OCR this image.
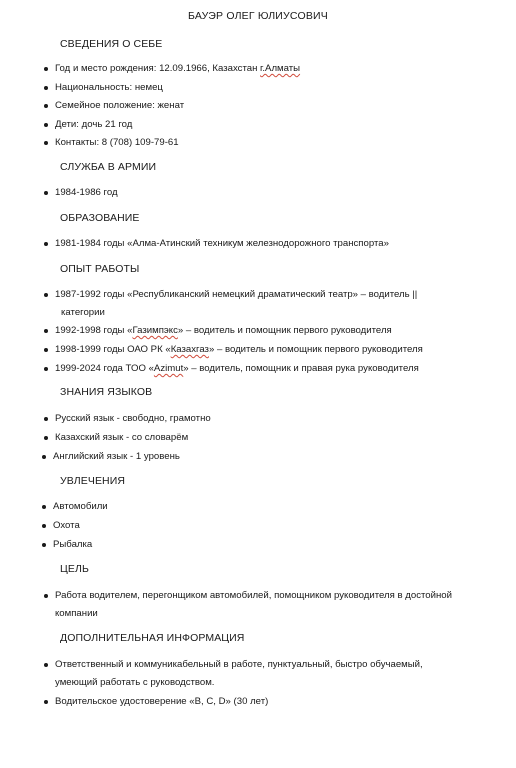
БАУЭР ОЛЕГ ЮЛИУСОВИЧ
СВЕДЕНИЯ О СЕБЕ
Год и место рождения: 12.09.1966, Казахстан г.Алматы
Национальность: немец
Семейное положение: женат
Дети: дочь 21 год
Контакты: 8 (708) 109-79-61
СЛУЖБА В АРМИИ
1984-1986 год
ОБРАЗОВАНИЕ
1981-1984 годы «Алма-Атинский техникум железнодорожного транспорта»
ОПЫТ РАБОТЫ
1987-1992 годы «Республиканский немецкий драматический театр» – водитель ||
категории
1992-1998 годы «Газимпэкс» – водитель и помощник первого руководителя
1998-1999 годы ОАО РК «Казахгаз» – водитель и помощник первого руководителя
1999-2024 года ТОО «Azimut» – водитель, помощник и правая рука руководителя
ЗНАНИЯ ЯЗЫКОВ
Русский язык - свободно, грамотно
Казахский язык - со словарём
Английский язык - 1 уровень
УВЛЕЧЕНИЯ
Автомобили
Охота
Рыбалка
ЦЕЛЬ
Работа водителем, перегонщиком автомобилей, помощником руководителя в достойной
компании
ДОПОЛНИТЕЛЬНАЯ ИНФОРМАЦИЯ
Ответственный и коммуникабельный в работе, пунктуальный, быстро обучаемый,
умеющий работать с руководством.
Водительское удостоверение «B, C, D» (30 лет)
